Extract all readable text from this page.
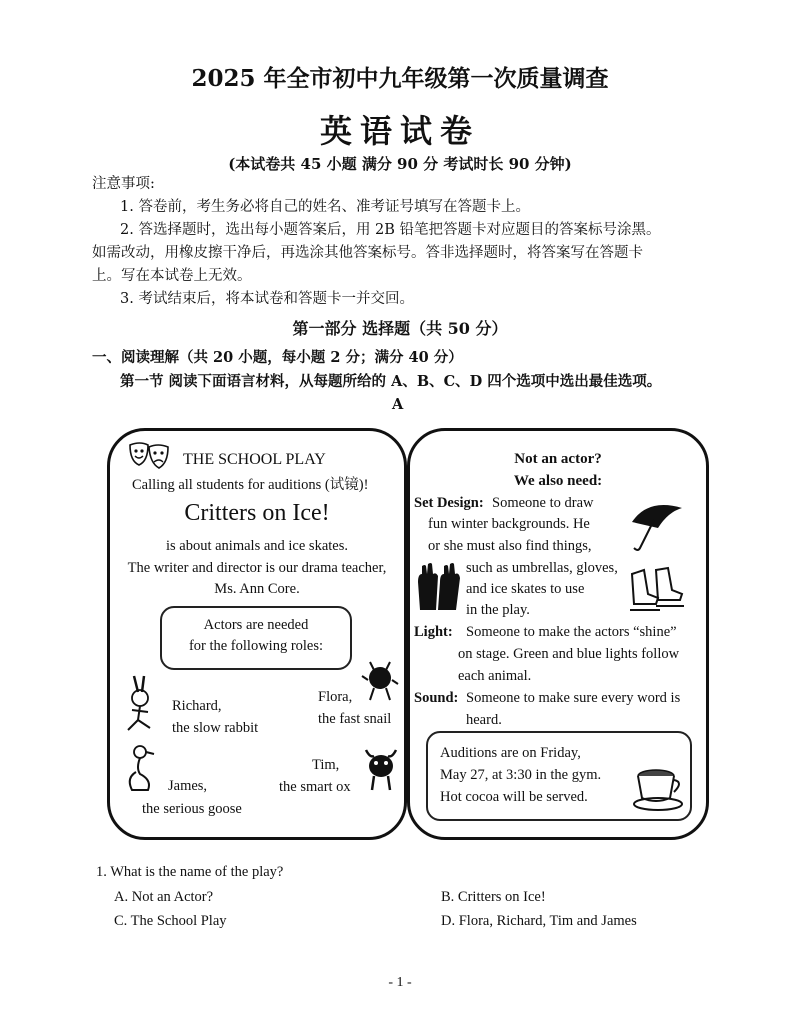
2025 年全市初中九年级第一次质量调查
英语试卷
(本试卷共 45 小题 满分 90 分 考试时长 90 分钟)
注意事项:
1. 答卷前，考生务必将自己的姓名、准考证号填写在答题卡上。
2. 答选择题时，选出每小题答案后，用 2B 铅笔把答题卡对应题目的答案标号涂黑。
如需改动，用橡皮擦干净后，再选涂其他答案标号。答非选择题时，将答案写在答题卡
上。写在本试卷上无效。
3. 考试结束后，将本试卷和答题卡一并交回。
第一部分 选择题（共 50 分）
一、阅读理解（共 20 小题，每小题 2 分；满分 40 分）
第一节 阅读下面语言材料，从每题所给的 A、B、C、D 四个选项中选出最佳选项。
A
THE SCHOOL PLAY
Calling all students for auditions (试镜)!
Critters on Ice!
is about animals and ice skates.
The writer and director is our drama teacher,
Ms. Ann Core.
Actors are needed
for the following roles:
Richard,
the slow rabbit
Flora,
the fast snail
James,
the serious goose
Tim,
the smart ox
Not an actor?
We also need:
Set Design: Someone to draw
fun winter backgrounds. He
or she must also find things,
such as umbrellas, gloves,
and ice skates to use
in the play.
Light: Someone to make the actors “shine”
on stage. Green and blue lights follow
each animal.
Sound: Someone to make sure every word is
heard.
Auditions are on Friday,
May 27, at 3:30 in the gym.
Hot cocoa will be served.
1. What is the name of the play?
A. Not an Actor?	B. Critters on Ice!
C. The School Play	D. Flora, Richard, Tim and James
- 1 -
